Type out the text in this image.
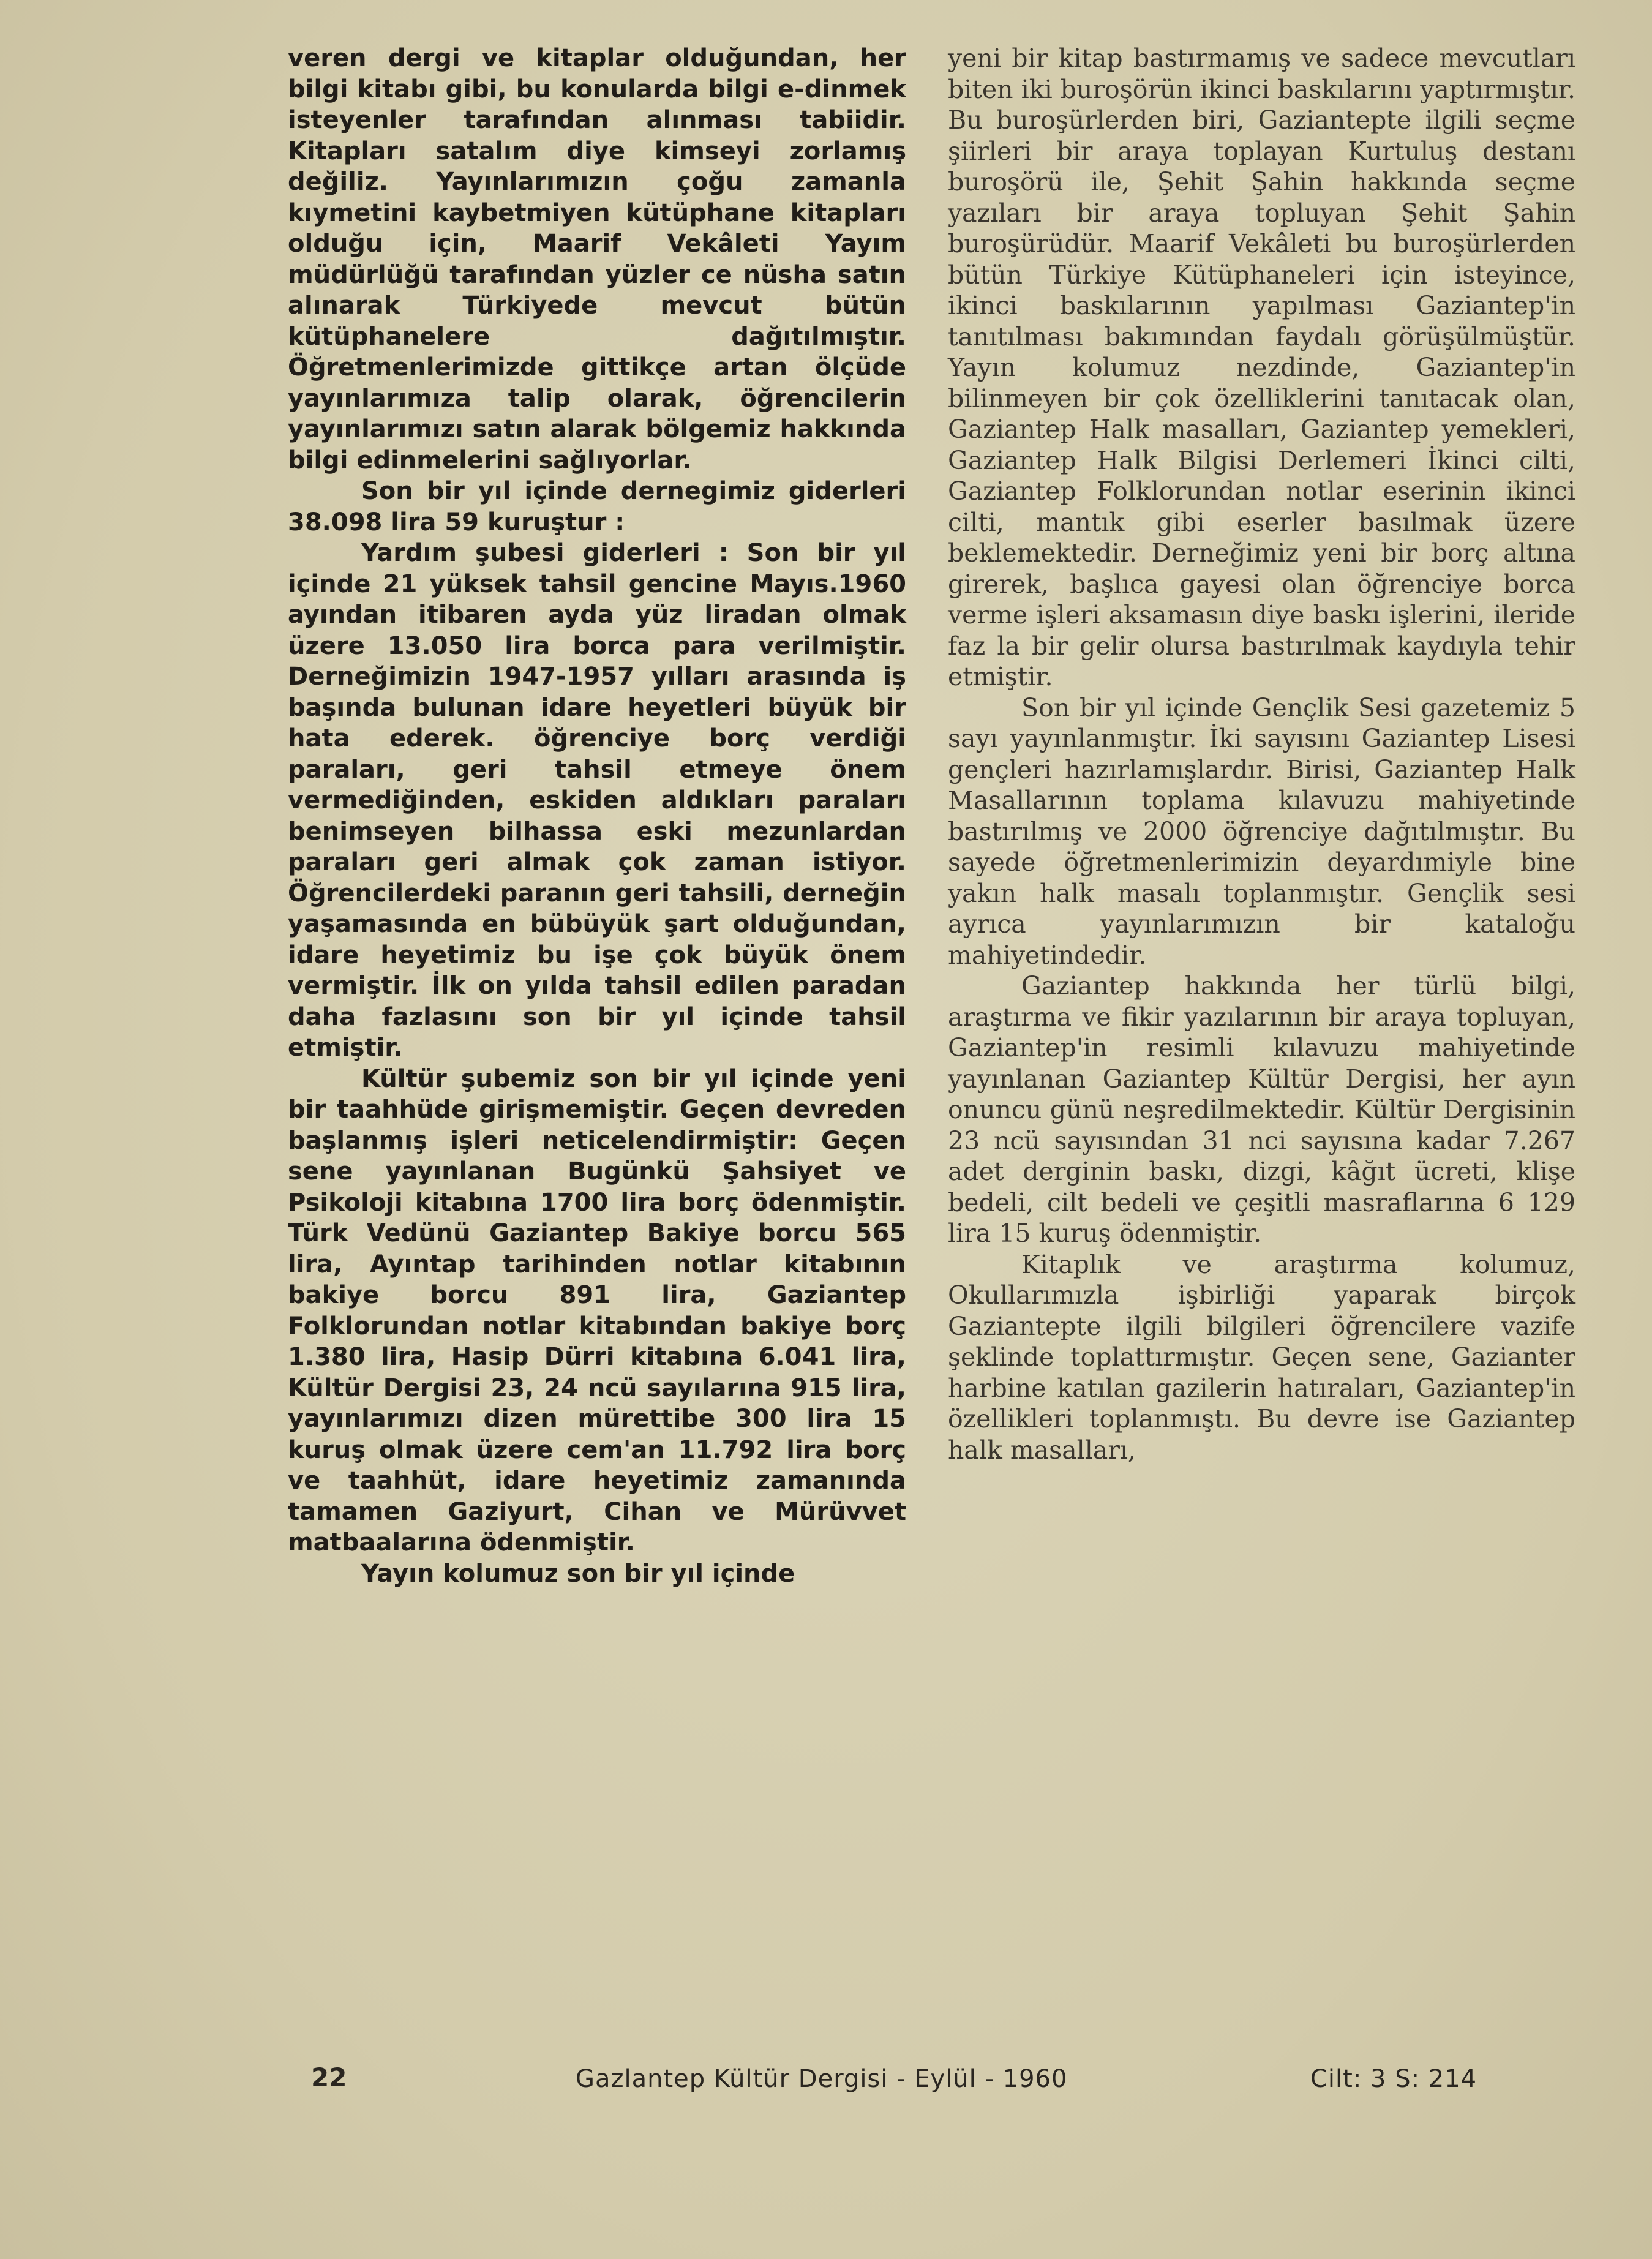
veren dergi ve kitaplar olduğundan, her bilgi kitabı gibi, bu konularda bilgi e-dinmek isteyenler tarafından alınması tabiidir. Kitapları satalım diye kimseyi zorlamış değiliz. Yayınlarımızın çoğu zamanla kıymetini kaybetmiyen kütüphane kitapları olduğu için, Maarif Vekâleti Yayım müdürlüğü tarafından yüzler ce nüsha satın alınarak Türkiyede mevcut bütün kütüphanelere dağıtılmıştır. Öğretmenlerimizde gittikçe artan ölçüde yayınlarımıza talip olarak, öğrencilerin yayınlarımızı satın alarak bölgemiz hakkında bilgi edinmelerini sağlıyorlar.

Son bir yıl içinde dernegimiz giderleri 38.098 lira 59 kuruştur :

Yardım şubesi giderleri : Son bir yıl içinde 21 yüksek tahsil gencine Mayıs.1960 ayından itibaren ayda yüz liradan olmak üzere 13.050 lira borca para verilmiştir. Derneğimizin 1947-1957 yılları arasında iş başında bulunan idare heyetleri büyük bir hata ederek. öğrenciye borç verdiği paraları, geri tahsil etmeye önem vermediğinden, eskiden aldıkları paraları benimseyen bilhassa eski mezunlardan paraları geri almak çok zaman istiyor. Öğrencilerdeki paranın geri tahsili, derneğin yaşamasında en bübüyük şart olduğundan, idare heyetimiz bu işe çok büyük önem vermiştir. İlk on yılda tahsil edilen paradan daha fazlasını son bir yıl içinde tahsil etmiştir.

Kültür şubemiz son bir yıl içinde yeni bir taahhüde girişmemiştir. Geçen devreden başlanmış işleri neticelendirmiştir: Geçen sene yayınlanan Bugünkü Şahsiyet ve Psikoloji kitabına 1700 lira borç ödenmiştir. Türk Vedünü Gaziantep Bakiye borcu 565 lira, Ayıntap tarihinden notlar kitabının bakiye borcu 891 lira, Gaziantep Folklorundan notlar kitabından bakiye borç 1.380 lira, Hasip Dürri kitabına 6.041 lira, Kültür Dergisi 23, 24 ncü sayılarına 915 lira, yayınlarımızı dizen mürettibe 300 lira 15 kuruş olmak üzere cem'an 11.792 lira borç ve taahhüt, idare heyetimiz zamanında tamamen Gaziyurt, Cihan ve Mürüvvet matbaalarına ödenmiştir.

Yayın kolumuz son bir yıl içinde

yeni bir kitap bastırmamış ve sadece mevcutları biten iki buroşörün ikinci baskılarını yaptırmıştır. Bu buroşürlerden biri, Gaziantepte ilgili seçme şiirleri bir araya toplayan Kurtuluş destanı buroşörü ile, Şehit Şahin hakkında seçme yazıları bir araya topluyan Şehit Şahin buroşürüdür. Maarif Vekâleti bu buroşürlerden bütün Türkiye Kütüphaneleri için isteyince, ikinci baskılarının yapılması Gaziantep'in tanıtılması bakımından faydalı görüşülmüştür. Yayın kolumuz nezdinde, Gaziantep'in bilinmeyen bir çok özelliklerini tanıtacak olan, Gaziantep Halk masalları, Gaziantep yemekleri, Gaziantep Halk Bilgisi Derlemeri İkinci cilti, Gaziantep Folklorundan notlar eserinin ikinci cilti, mantık gibi eserler basılmak üzere beklemektedir. Derneğimiz yeni bir borç altına girerek, başlıca gayesi olan öğrenciye borca verme işleri aksamasın diye baskı işlerini, ileride faz la bir gelir olursa bastırılmak kaydıyla tehir etmiştir.

Son bir yıl içinde Gençlik Sesi gazetemiz 5 sayı yayınlanmıştır. İki sayısını Gaziantep Lisesi gençleri hazırlamışlardır. Birisi, Gaziantep Halk Masallarının toplama kılavuzu mahiyetinde bastırılmış ve 2000 öğrenciye dağıtılmıştır. Bu sayede öğretmenlerimizin deyardımiyle bine yakın halk masalı toplanmıştır. Gençlik sesi ayrıca yayınlarımızın bir kataloğu mahiyetindedir.

Gaziantep hakkında her türlü bilgi, araştırma ve fikir yazılarının bir araya topluyan, Gaziantep'in resimli kılavuzu mahiyetinde yayınlanan Gaziantep Kültür Dergisi, her ayın onuncu günü neşredilmektedir. Kültür Dergisinin 23 ncü sayısından 31 nci sayısına kadar 7.267 adet derginin baskı, dizgi, kâğıt ücreti, klişe bedeli, cilt bedeli ve çeşitli masraflarına 6 129 lira 15 kuruş ödenmiştir.

Kitaplık ve araştırma kolumuz, Okullarımızla işbirliği yaparak birçok Gaziantepte ilgili bilgileri öğrencilere vazife şeklinde toplattırmıştır. Geçen sene, Gazianter harbine katılan gazilerin hatıraları, Gaziantep'in özellikleri toplanmıştı. Bu devre ise Gaziantep halk masalları,

22	Gazlantep Kültür Dergisi - Eylül - 1960	Cilt: 3 S: 214
